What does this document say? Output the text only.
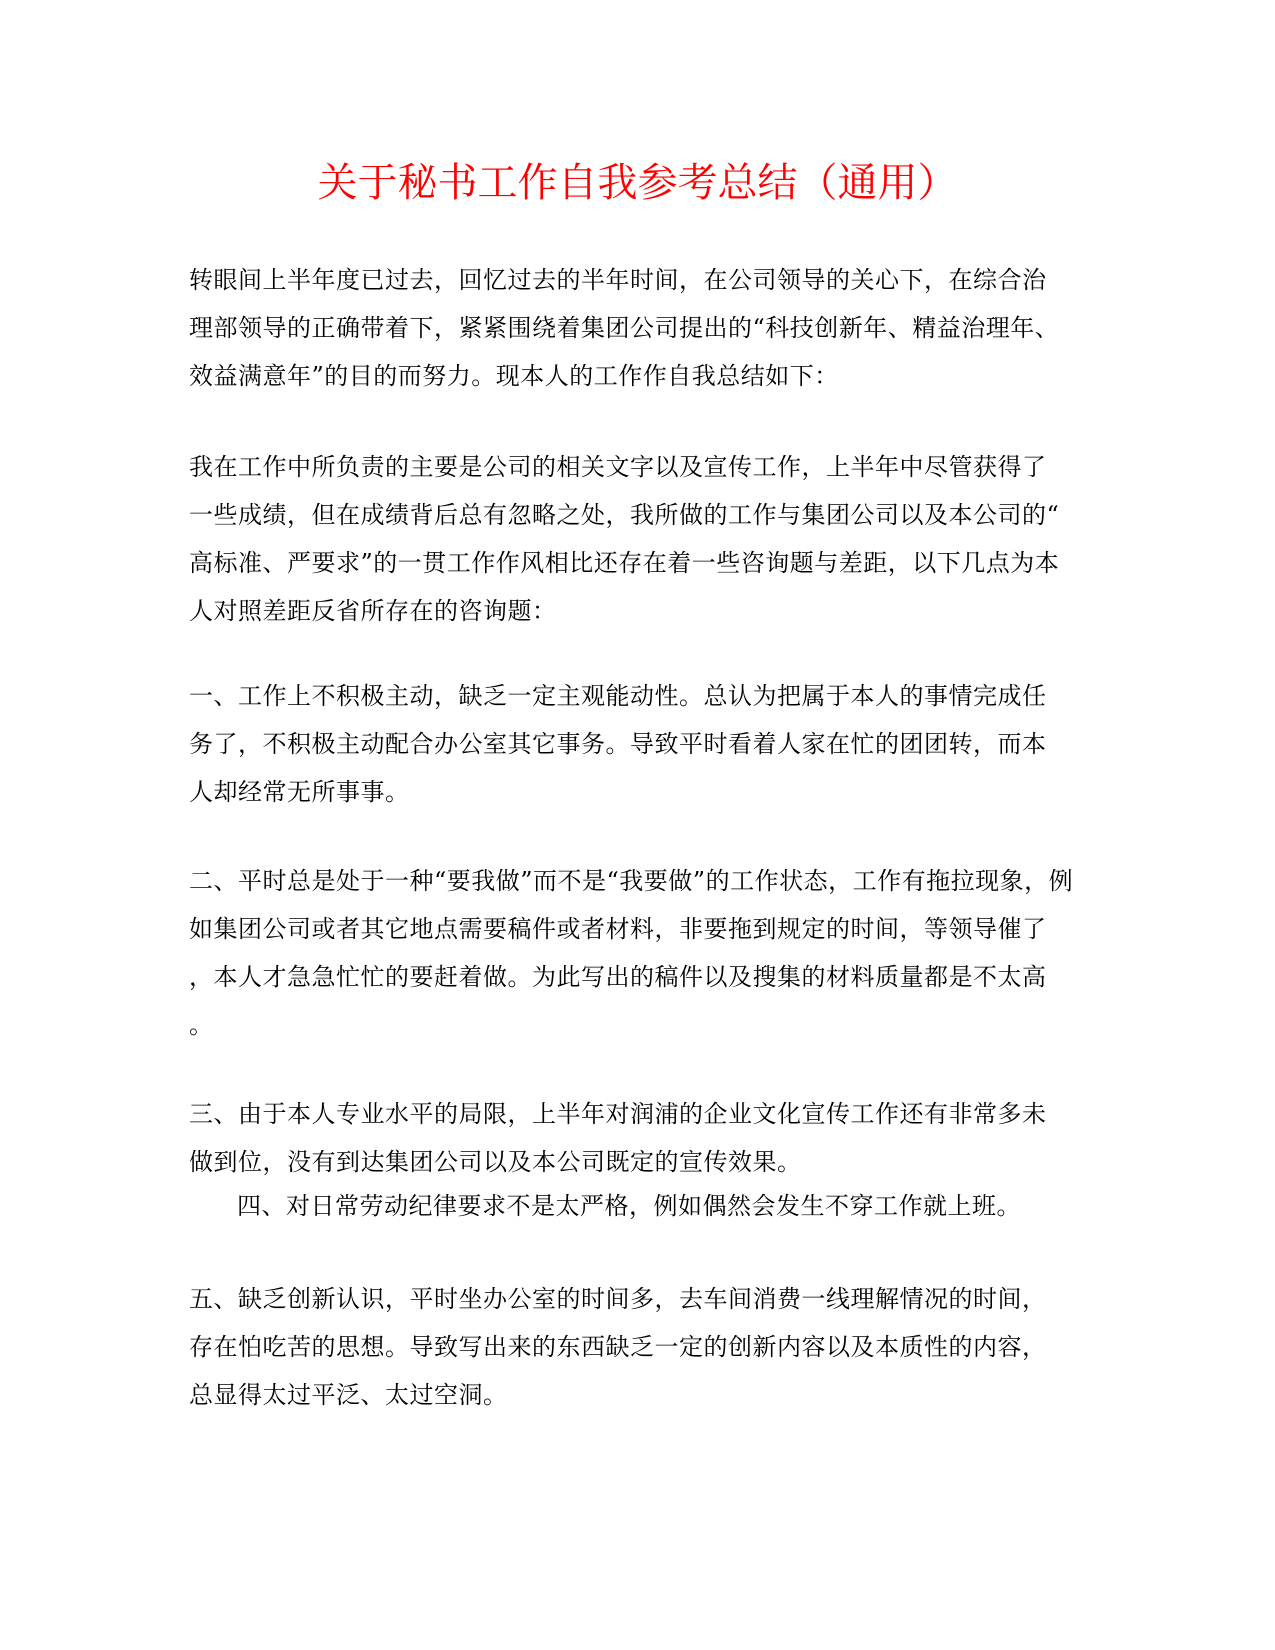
关于秘书工作自我参考总结（通用）

转眼间上半年度已过去，回忆过去的半年时间，在公司领导的关心下，在综合治
理部领导的正确带着下，紧紧围绕着集团公司提出的“科技创新年、精益治理年、
效益满意年”的目的而努力。现本人的工作作自我总结如下：

我在工作中所负责的主要是公司的相关文字以及宣传工作，上半年中尽管获得了
一些成绩，但在成绩背后总有忽略之处，我所做的工作与集团公司以及本公司的“
高标准、严要求”的一贯工作作风相比还存在着一些咨询题与差距，以下几点为本
人对照差距反省所存在的咨询题：

一、工作上不积极主动，缺乏一定主观能动性。总认为把属于本人的事情完成任
务了，不积极主动配合办公室其它事务。导致平时看着人家在忙的团团转，而本
人却经常无所事事。

二、平时总是处于一种“要我做”而不是“我要做”的工作状态，工作有拖拉现象，例
如集团公司或者其它地点需要稿件或者材料，非要拖到规定的时间，等领导催了
，本人才急急忙忙的要赶着做。为此写出的稿件以及搜集的材料质量都是不太高
。

三、由于本人专业水平的局限，上半年对润浦的企业文化宣传工作还有非常多未
做到位，没有到达集团公司以及本公司既定的宣传效果。

四、对日常劳动纪律要求不是太严格，例如偶然会发生不穿工作就上班。

五、缺乏创新认识，平时坐办公室的时间多，去车间消费一线理解情况的时间，
存在怕吃苦的思想。导致写出来的东西缺乏一定的创新内容以及本质性的内容，
总显得太过平泛、太过空洞。
